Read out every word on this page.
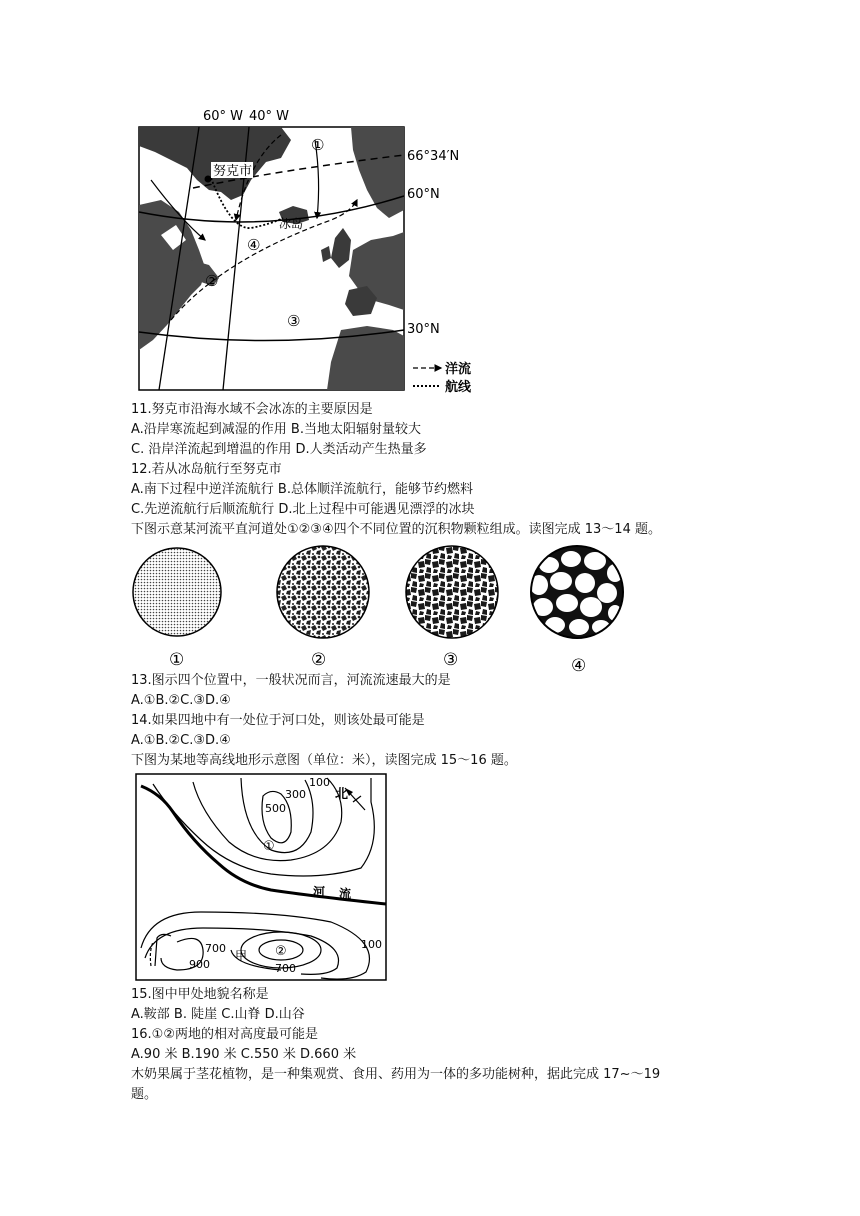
60° W 40° W
努克市
冰岛
①
②
③
④
66°34′N
60°N
30°N
洋流
航线
11.努克市沿海水域不会冰冻的主要原因是
A.沿岸寒流起到减湿的作用 B.当地太阳辐射量较大
C. 沿岸洋流起到增温的作用 D.人类活动产生热量多
12.若从冰岛航行至努克市
A.南下过程中逆洋流航行 B.总体顺洋流航行，能够节约燃料
C.先逆流航行后顺流航行 D.北上过程中可能遇见漂浮的冰块
下图示意某河流平直河道处①②③④四个不同位置的沉积物颗粒组成。读图完成 13～14 题。
①	②	③	④
13.图示四个位置中，一般状况而言，河流流速最大的是
A.①B.②C.③D.④
14.如果四地中有一处位于河口处，则该处最可能是
A.①B.②C.③D.④
下图为某地等高线地形示意图（单位：米），读图完成 15～16 题。
100
300
500
①
北
河 流
700	②	100
900
甲
700
15.图中甲处地貌名称是
A.鞍部 B. 陡崖 C.山脊 D.山谷
16.①②两地的相对高度最可能是
A.90 米 B.190 米 C.550 米 D.660 米
木奶果属于茎花植物，是一种集观赏、食用、药用为一体的多功能树种，据此完成 17~～19
题。
